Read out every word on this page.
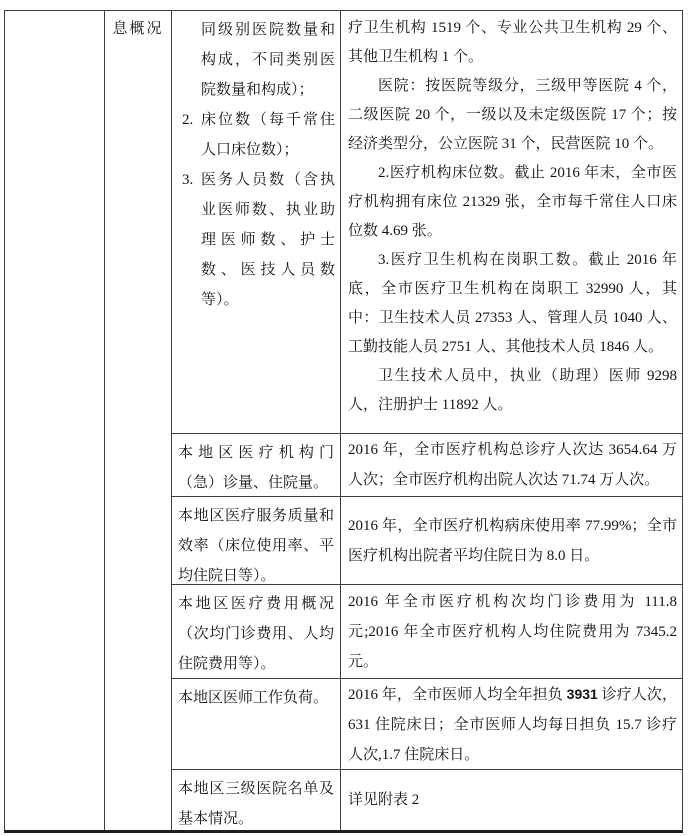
息概况	同级别医院数量和构成，不同类别医院数量和构成）；

2. 床位数（每千常住人口床位数）；
3. 医务人员数（含执业医师数、执业助理医师数、护士数、医技人员数等）。

疗卫生机构 1519 个、专业公共卫生机构 29 个、其他卫生机构 1 个。

医院：按医院等级分，三级甲等医院 4 个，二级医院 20 个，一级以及未定级医院 17 个；按经济类型分，公立医院 31 个，民营医院 10 个。

2.医疗机构床位数。截止 2016 年末，全市医疗机构拥有床位 21329 张，全市每千常住人口床位数 4.69 张。

3.医疗卫生机构在岗职工数。截止 2016 年底，全市医疗卫生机构在岗职工 32990 人，其中：卫生技术人员 27353 人、管理人员 1040 人、工勤技能人员 2751 人、其他技术人员 1846 人。

卫生技术人员中，执业（助理）医师 9298 人，注册护士 11892 人。

本地区医疗机构门（急）诊量、住院量。

2016 年，全市医疗机构总诊疗人次达 3654.64 万人次；全市医疗机构出院人次达 71.74 万人次。

本地区医疗服务质量和效率（床位使用率、平均住院日等）。

2016 年，全市医疗机构病床使用率 77.99%；全市医疗机构出院者平均住院日为 8.0 日。

本地区医疗费用概况（次均门诊费用、人均住院费用等）。

2016 年全市医疗机构次均门诊费用为 111.8 元;2016 年全市医疗机构人均住院费用为 7345.2 元。

本地区医师工作负荷。	2016 年，全市医师人均全年担负 3931 诊疗人次，631 住院床日；全市医师人均每日担负 15.7 诊疗人次,1.7 住院床日。

本地区三级医院名单及基本情况。

详见附表 2
